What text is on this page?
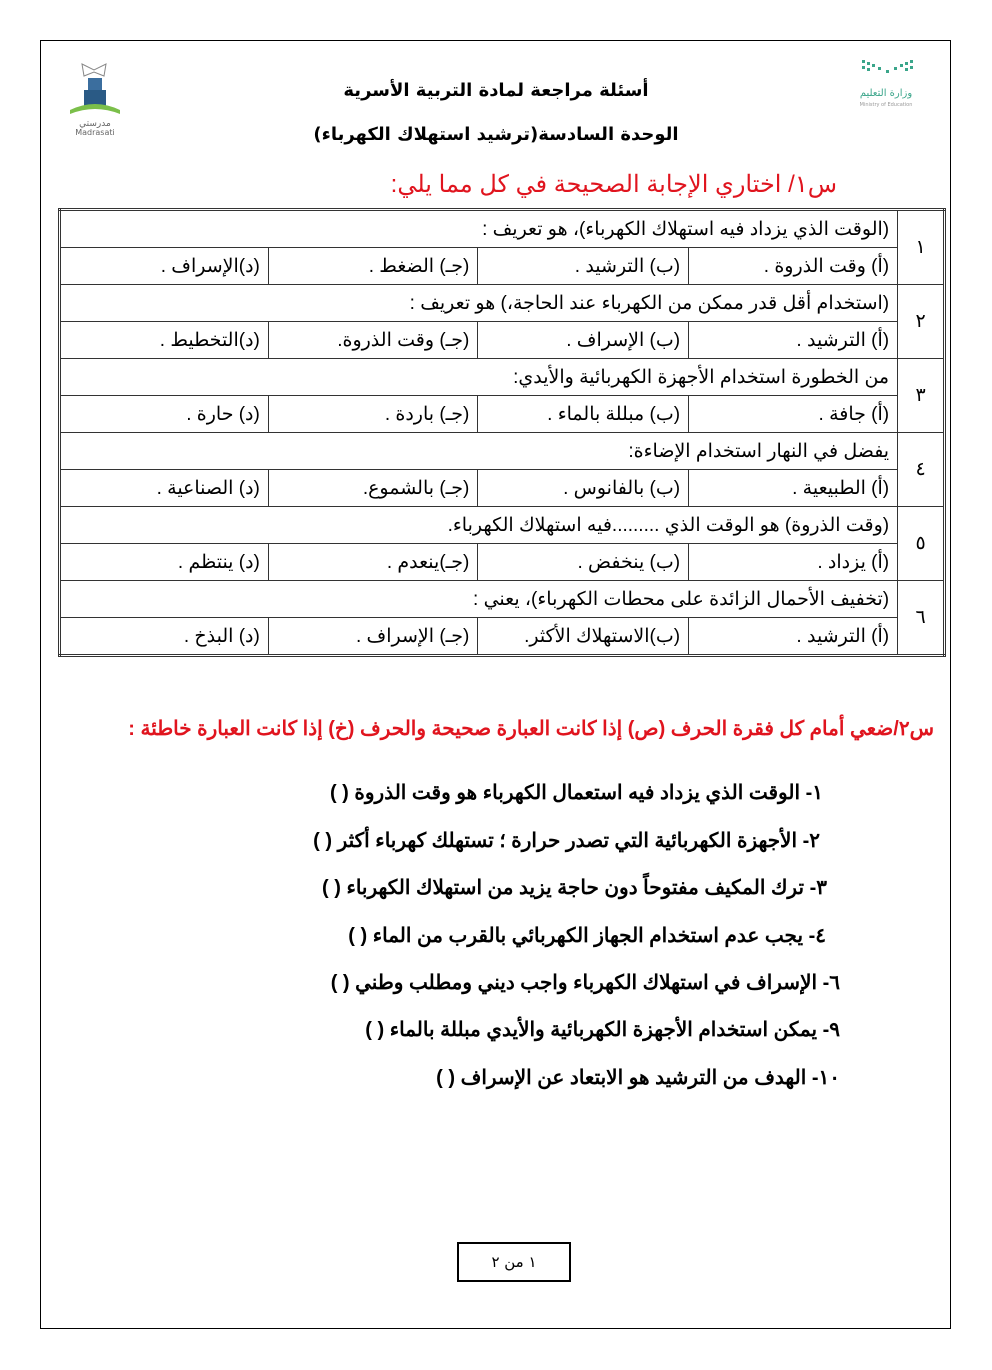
وزارة التعليم
Ministry of Education
مدرستي
Madrasati
أسئلة مراجعة لمادة التربية الأسرية
الوحدة السادسة(ترشيد استهلاك الكهرباء)
س١/ اختاري الإجابة الصحيحة في كل مما يلي:
١	(الوقت الذي يزداد فيه استهلاك الكهرباء)، هو تعريف :			
	(أ) وقت الذروة .	(ب) الترشيد .	(جـ) الضغط .	(د)الإسراف .
٢	(استخدام أقل قدر ممكن من الكهرباء عند الحاجة،) هو تعريف :			
	(أ) الترشيد .	(ب) الإسراف .	(جـ) وقت الذروة.	(د)التخطيط .
٣	من الخطورة استخدام الأجهزة الكهربائية والأيدي:			
	(أ) جافة .	(ب) مبللة بالماء .	(جـ) باردة .	(د) حارة .
٤	يفضل في النهار استخدام الإضاءة:			
	(أ) الطبيعية .	(ب) بالفانوس .	(جـ) بالشموع.	(د) الصناعية .
٥	(وقت الذروة) هو الوقت الذي .........فيه استهلاك الكهرباء.			
	(أ) يزداد .	(ب) ينخفض .	(جـ)ينعدم .	(د) ينتظم .
٦	(تخفيف الأحمال الزائدة على محطات الكهرباء)، يعني :			
	(أ) الترشيد .	(ب)الاستهلاك الأكثر.	(جـ) الإسراف .	(د) البذخ .
س٢/ضعي أمام كل فقرة الحرف (ص) إذا كانت العبارة صحيحة والحرف (خ) إذا كانت العبارة خاطئة :
١- الوقت الذي يزداد فيه استعمال الكهرباء هو وقت الذروة ( )
٢- الأجهزة الكهربائية التي تصدر حرارة ؛ تستهلك كهرباء أكثر ( )
٣- ترك المكيف مفتوحاً دون حاجة يزيد من استهلاك الكهرباء ( )
٤- يجب عدم استخدام الجهاز الكهربائي بالقرب من الماء ( )
٦- الإسراف في استهلاك الكهرباء واجب ديني ومطلب وطني ( )
٩- يمكن استخدام الأجهزة الكهربائية والأيدي مبللة بالماء ( )
١٠- الهدف من الترشيد هو الابتعاد عن الإسراف ( )
١ من ٢
